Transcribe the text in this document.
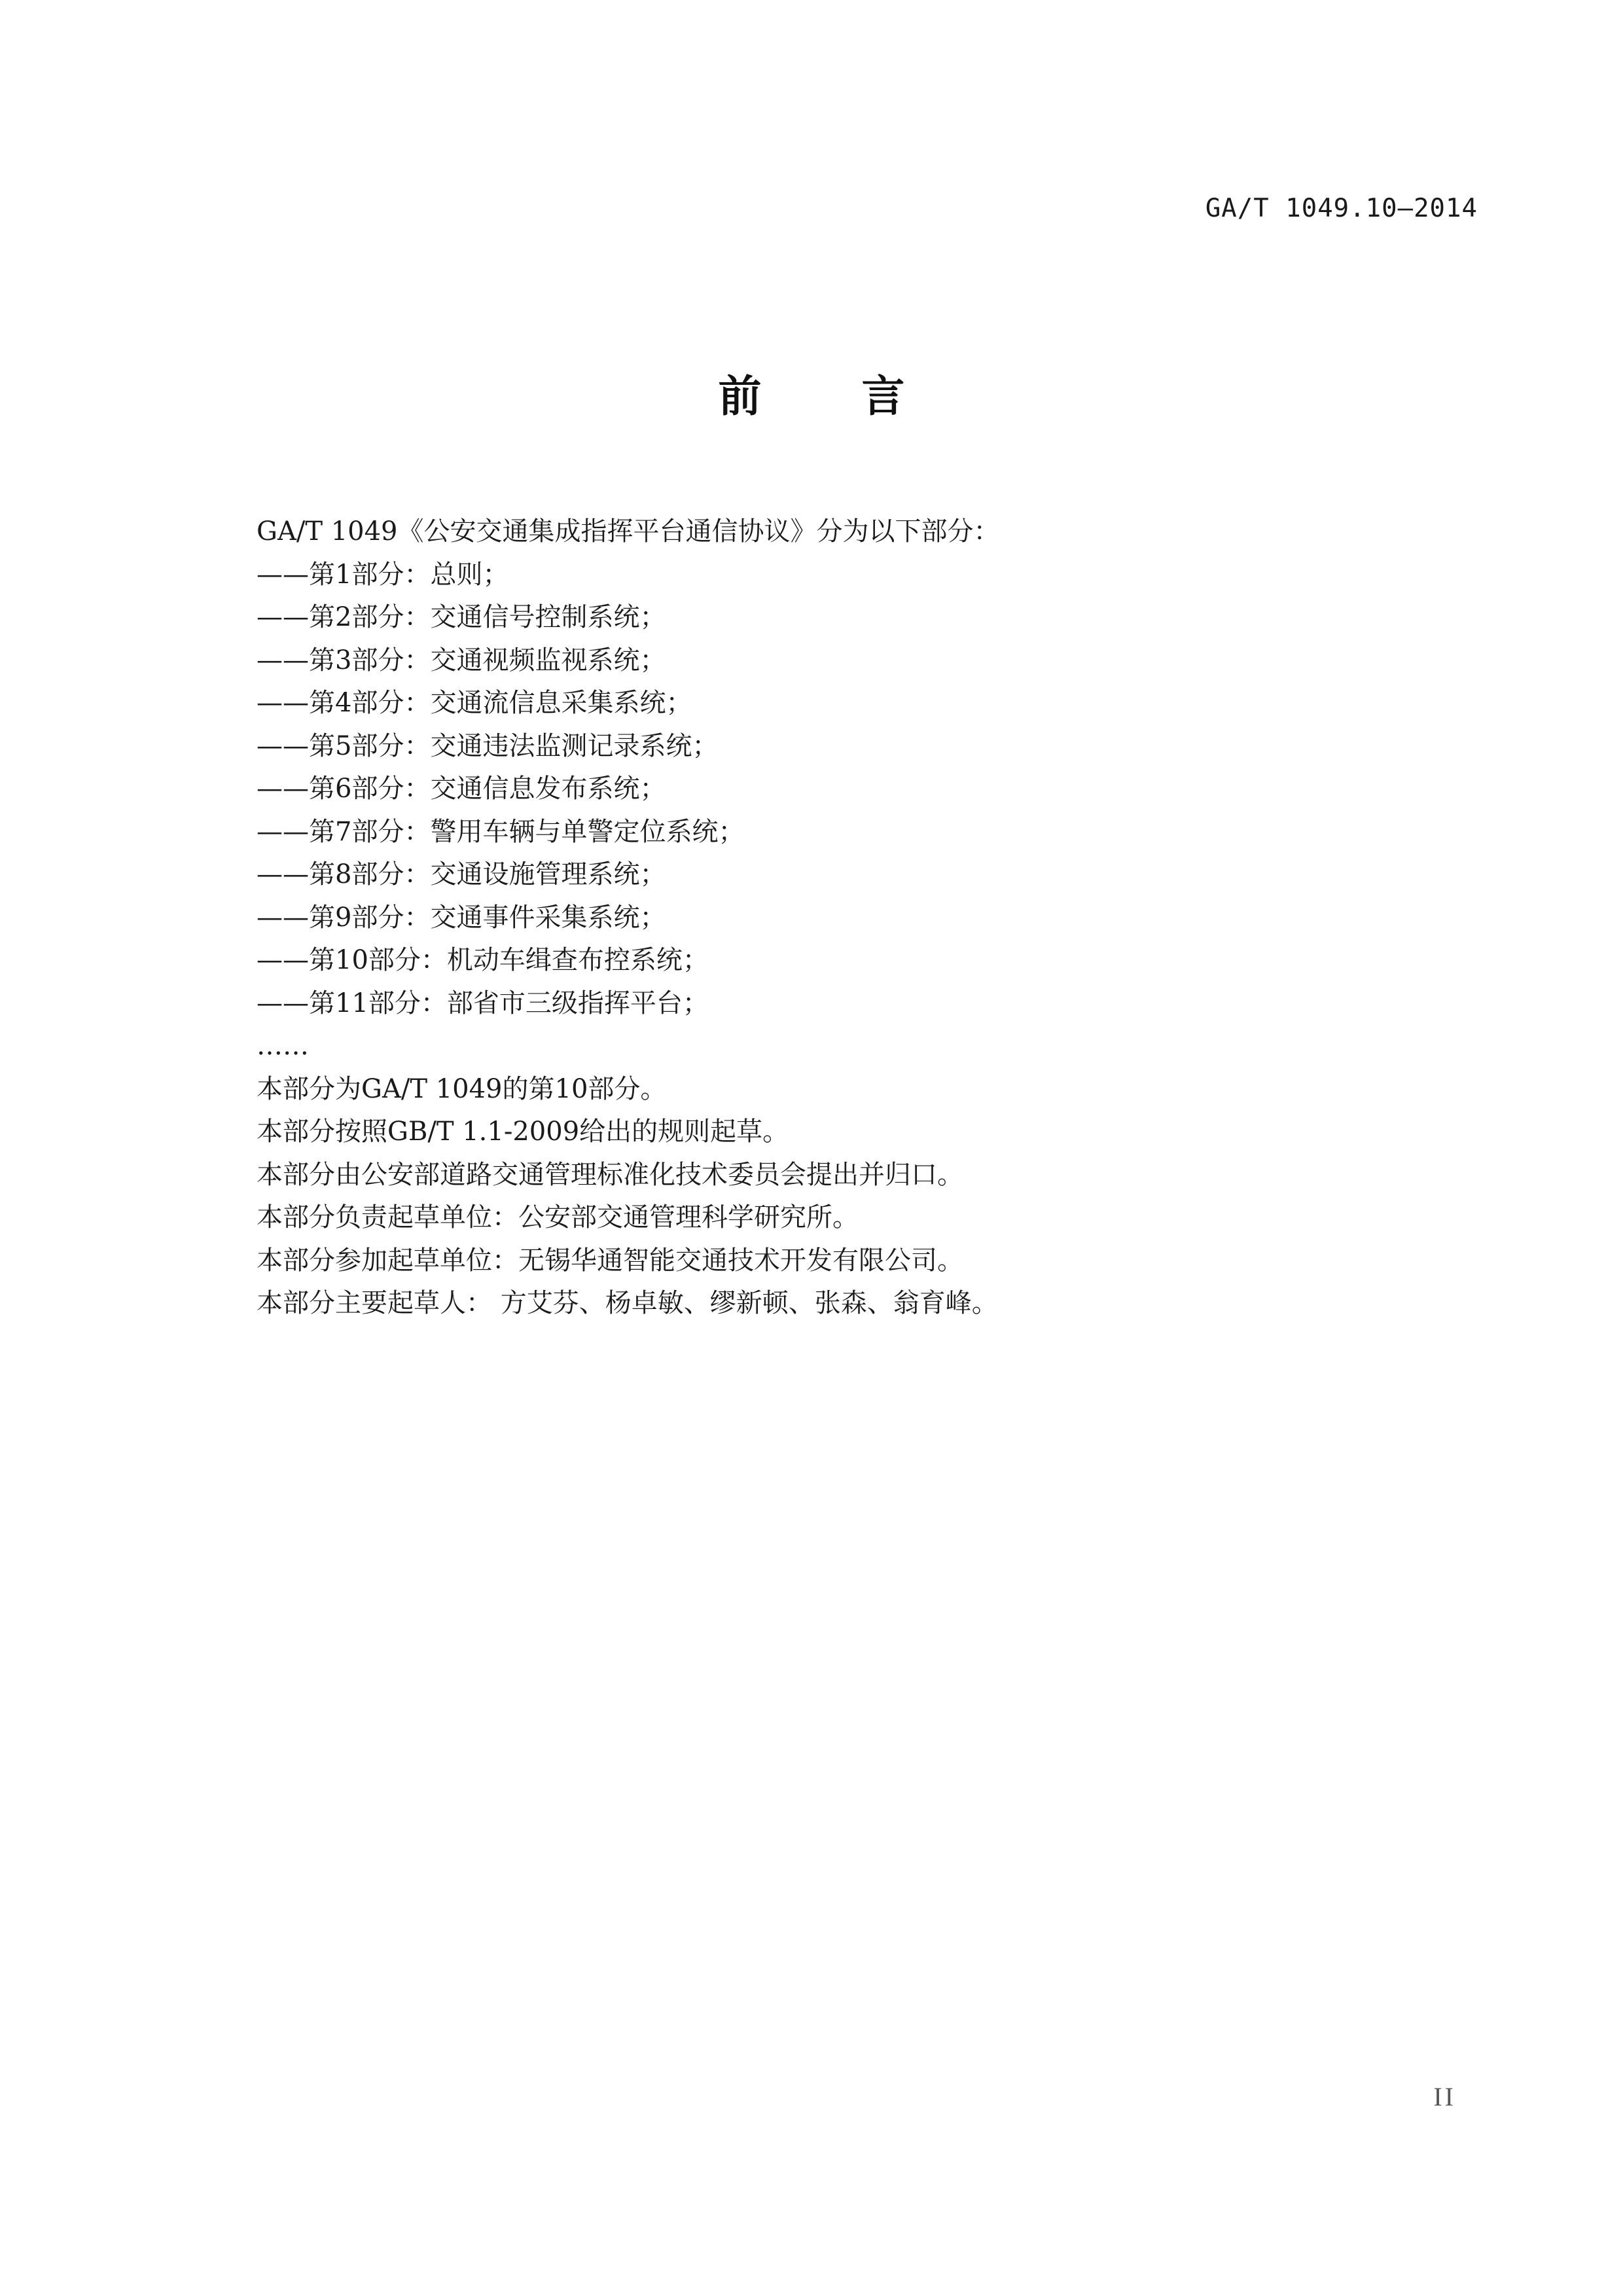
GA/T 1049.10—2014
前 言

GA/T 1049《公安交通集成指挥平台通信协议》分为以下部分：

——第1部分：总则；

——第2部分：交通信号控制系统；

——第3部分：交通视频监视系统；

——第4部分：交通流信息采集系统；

——第5部分：交通违法监测记录系统；

——第6部分：交通信息发布系统；

——第7部分：警用车辆与单警定位系统；

——第8部分：交通设施管理系统；

——第9部分：交通事件采集系统；

——第10部分：机动车缉查布控系统；

——第11部分：部省市三级指挥平台；

……

本部分为GA/T 1049的第10部分。

本部分按照GB/T 1.1-2009给出的规则起草。

本部分由公安部道路交通管理标准化技术委员会提出并归口。

本部分负责起草单位：公安部交通管理科学研究所。

本部分参加起草单位：无锡华通智能交通技术开发有限公司。

本部分主要起草人： 方艾芬、杨卓敏、缪新顿、张森、翁育峰。

II
